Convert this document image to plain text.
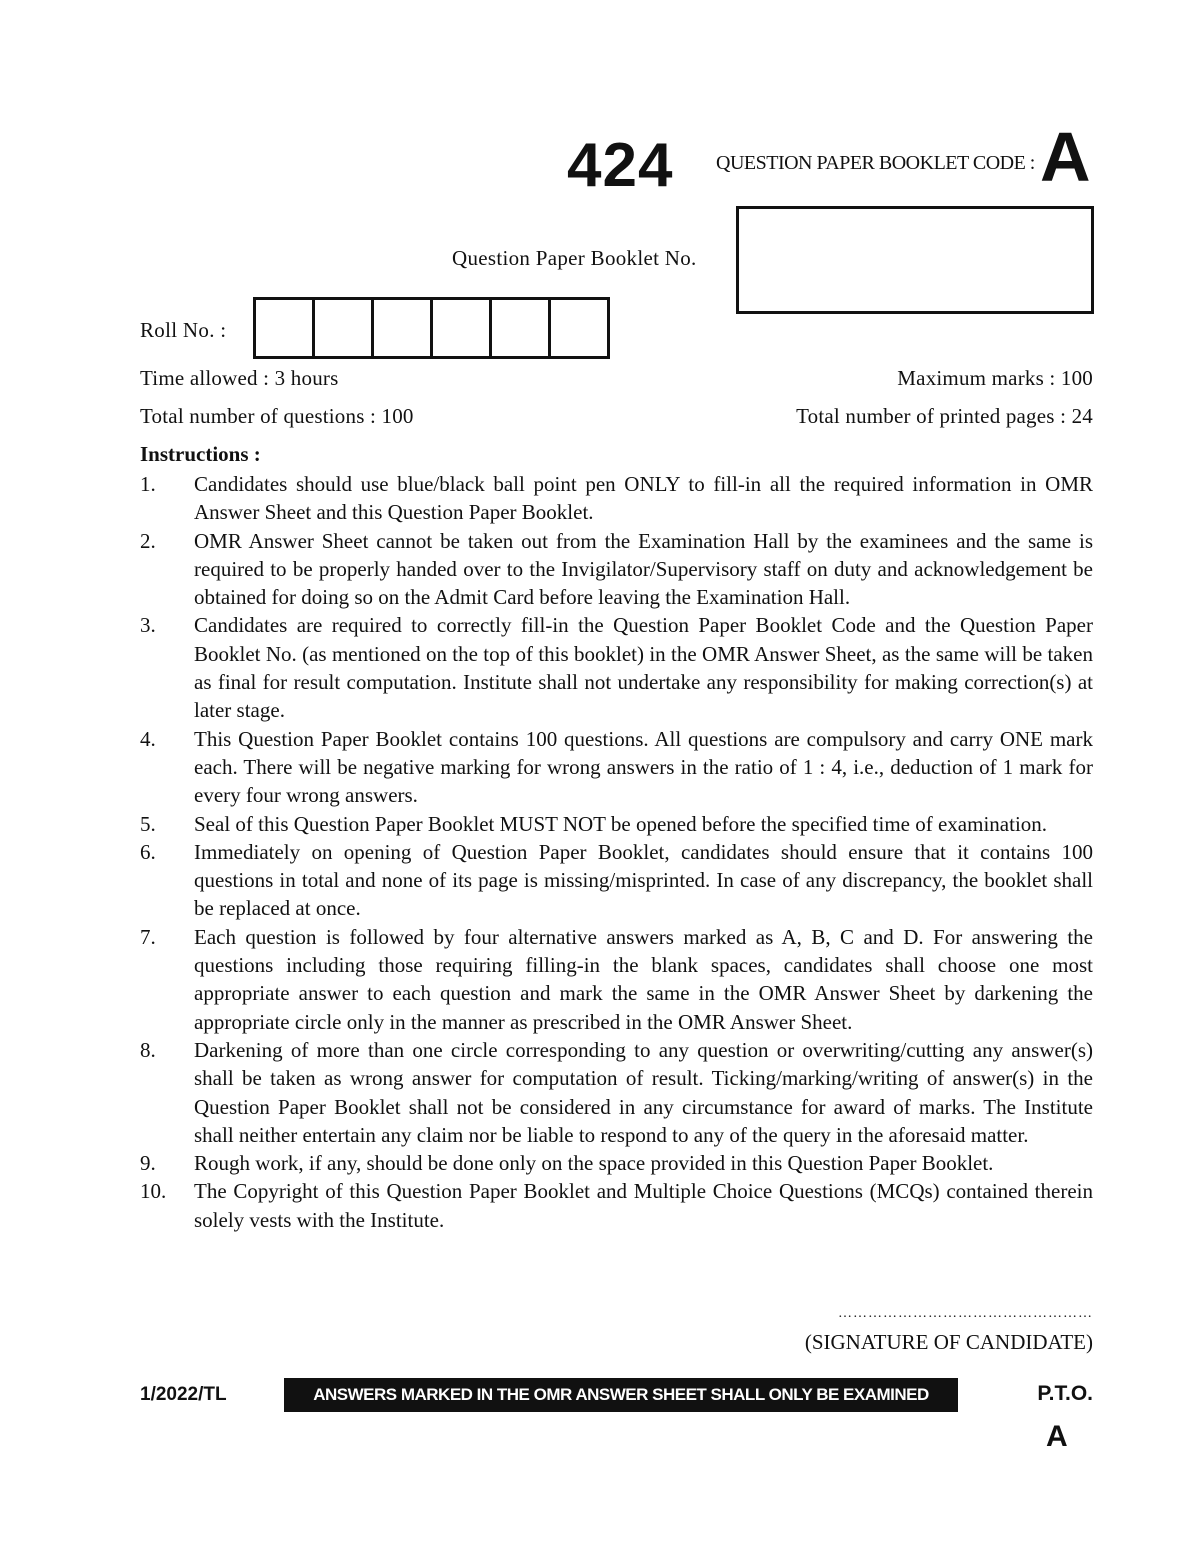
424 QUESTION PAPER BOOKLET CODE : A
Question Paper Booklet No.
Roll No. :
Time allowed : 3 hours	Maximum marks : 100
Total number of questions : 100	Total number of printed pages : 24
Instructions :
1.	Candidates should use blue/black ball point pen ONLY to fill-in all the required information in OMR Answer Sheet and this Question Paper Booklet.
2.	OMR Answer Sheet cannot be taken out from the Examination Hall by the examinees and the same is required to be properly handed over to the Invigilator/Supervisory staff on duty and acknowledgement be obtained for doing so on the Admit Card before leaving the Examination Hall.
3.	Candidates are required to correctly fill-in the Question Paper Booklet Code and the Question Paper Booklet No. (as mentioned on the top of this booklet) in the OMR Answer Sheet, as the same will be taken as final for result computation. Institute shall not undertake any responsibility for making correction(s) at later stage.
4.	This Question Paper Booklet contains 100 questions. All questions are compulsory and carry ONE mark each. There will be negative marking for wrong answers in the ratio of 1 : 4, i.e., deduction of 1 mark for every four wrong answers.
5.	Seal of this Question Paper Booklet MUST NOT be opened before the specified time of examination.
6.	Immediately on opening of Question Paper Booklet, candidates should ensure that it contains 100 questions in total and none of its page is missing/misprinted. In case of any discrepancy, the booklet shall be replaced at once.
7.	Each question is followed by four alternative answers marked as A, B, C and D. For answering the questions including those requiring filling-in the blank spaces, candidates shall choose one most appropriate answer to each question and mark the same in the OMR Answer Sheet by darkening the appropriate circle only in the manner as prescribed in the OMR Answer Sheet.
8.	Darkening of more than one circle corresponding to any question or overwriting/cutting any answer(s) shall be taken as wrong answer for computation of result. Ticking/marking/writing of answer(s) in the Question Paper Booklet shall not be considered in any circumstance for award of marks. The Institute shall neither entertain any claim nor be liable to respond to any of the query in the aforesaid matter.
9.	Rough work, if any, should be done only on the space provided in this Question Paper Booklet.
10.	The Copyright of this Question Paper Booklet and Multiple Choice Questions (MCQs) contained therein solely vests with the Institute.
……………………………………………
(SIGNATURE OF CANDIDATE)
1/2022/TL	ANSWERS MARKED IN THE OMR ANSWER SHEET SHALL ONLY BE EXAMINED	P.T.O.
A
